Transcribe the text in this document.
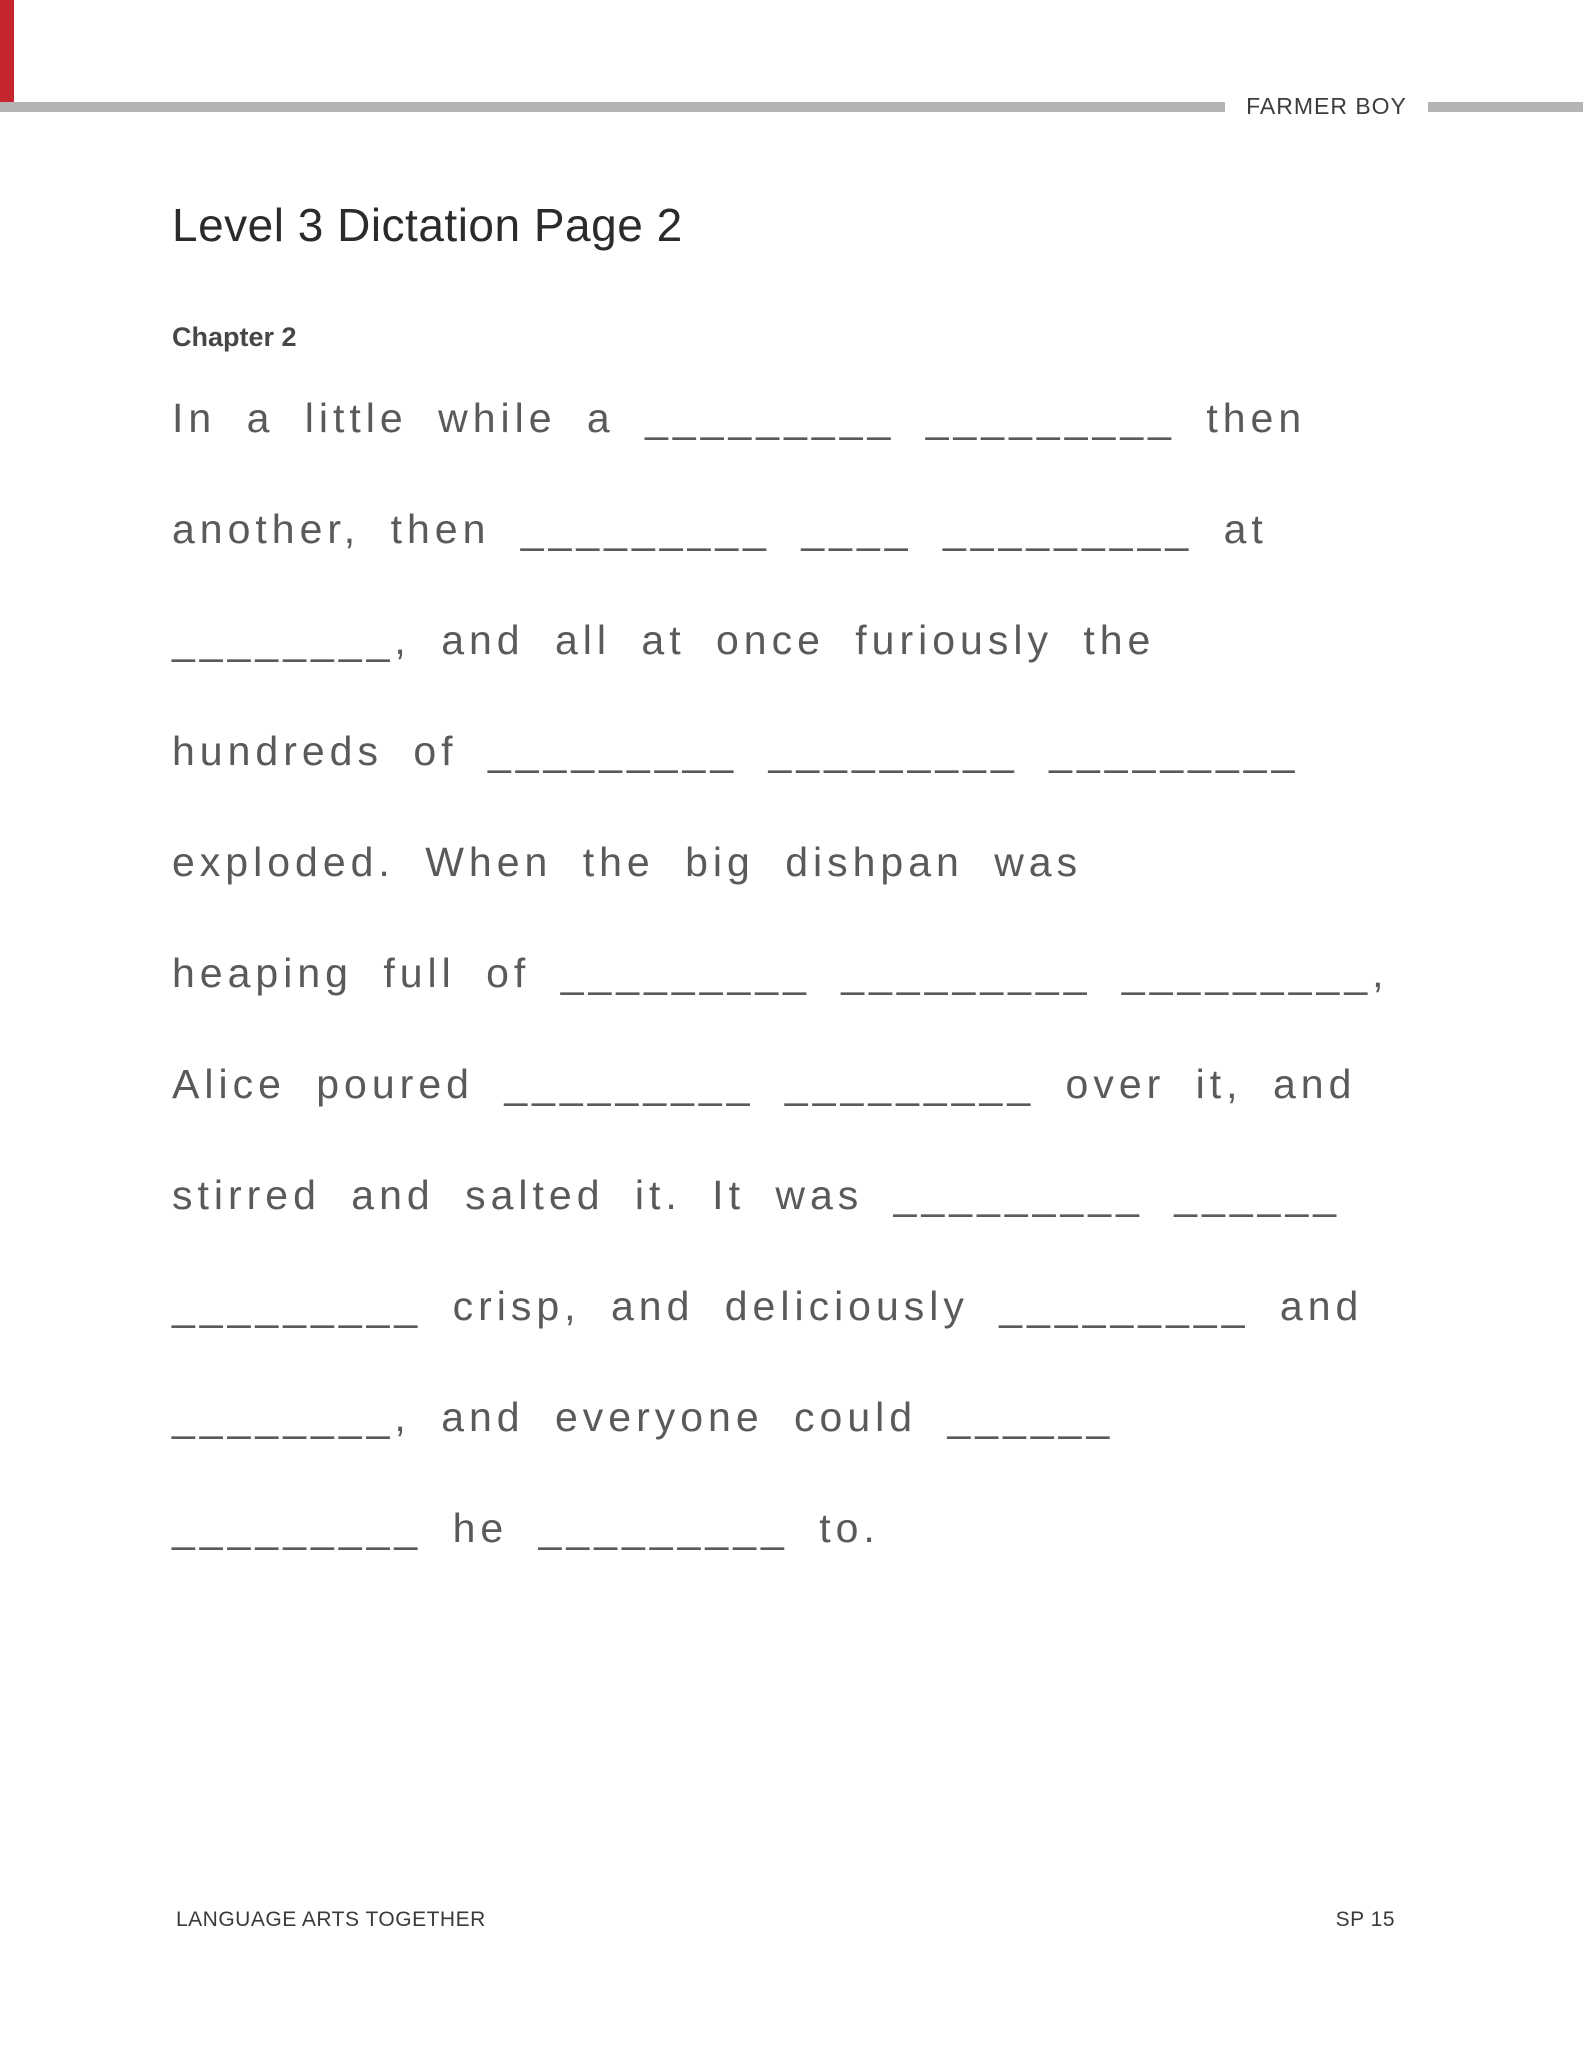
FARMER BOY
Level 3 Dictation Page 2
Chapter 2
In a little while a _________ _________ then
another, then _________ ____ _________ at
________, and all at once furiously the
hundreds of _________ _________ _________
exploded. When the big dishpan was
heaping full of _________ _________ _________,
Alice poured _________ _________ over it, and
stirred and salted it. It was _________ ______
_________ crisp, and deliciously _________ and
________, and everyone could ______
_________ he _________ to.
LANGUAGE ARTS TOGETHER	SP 15
